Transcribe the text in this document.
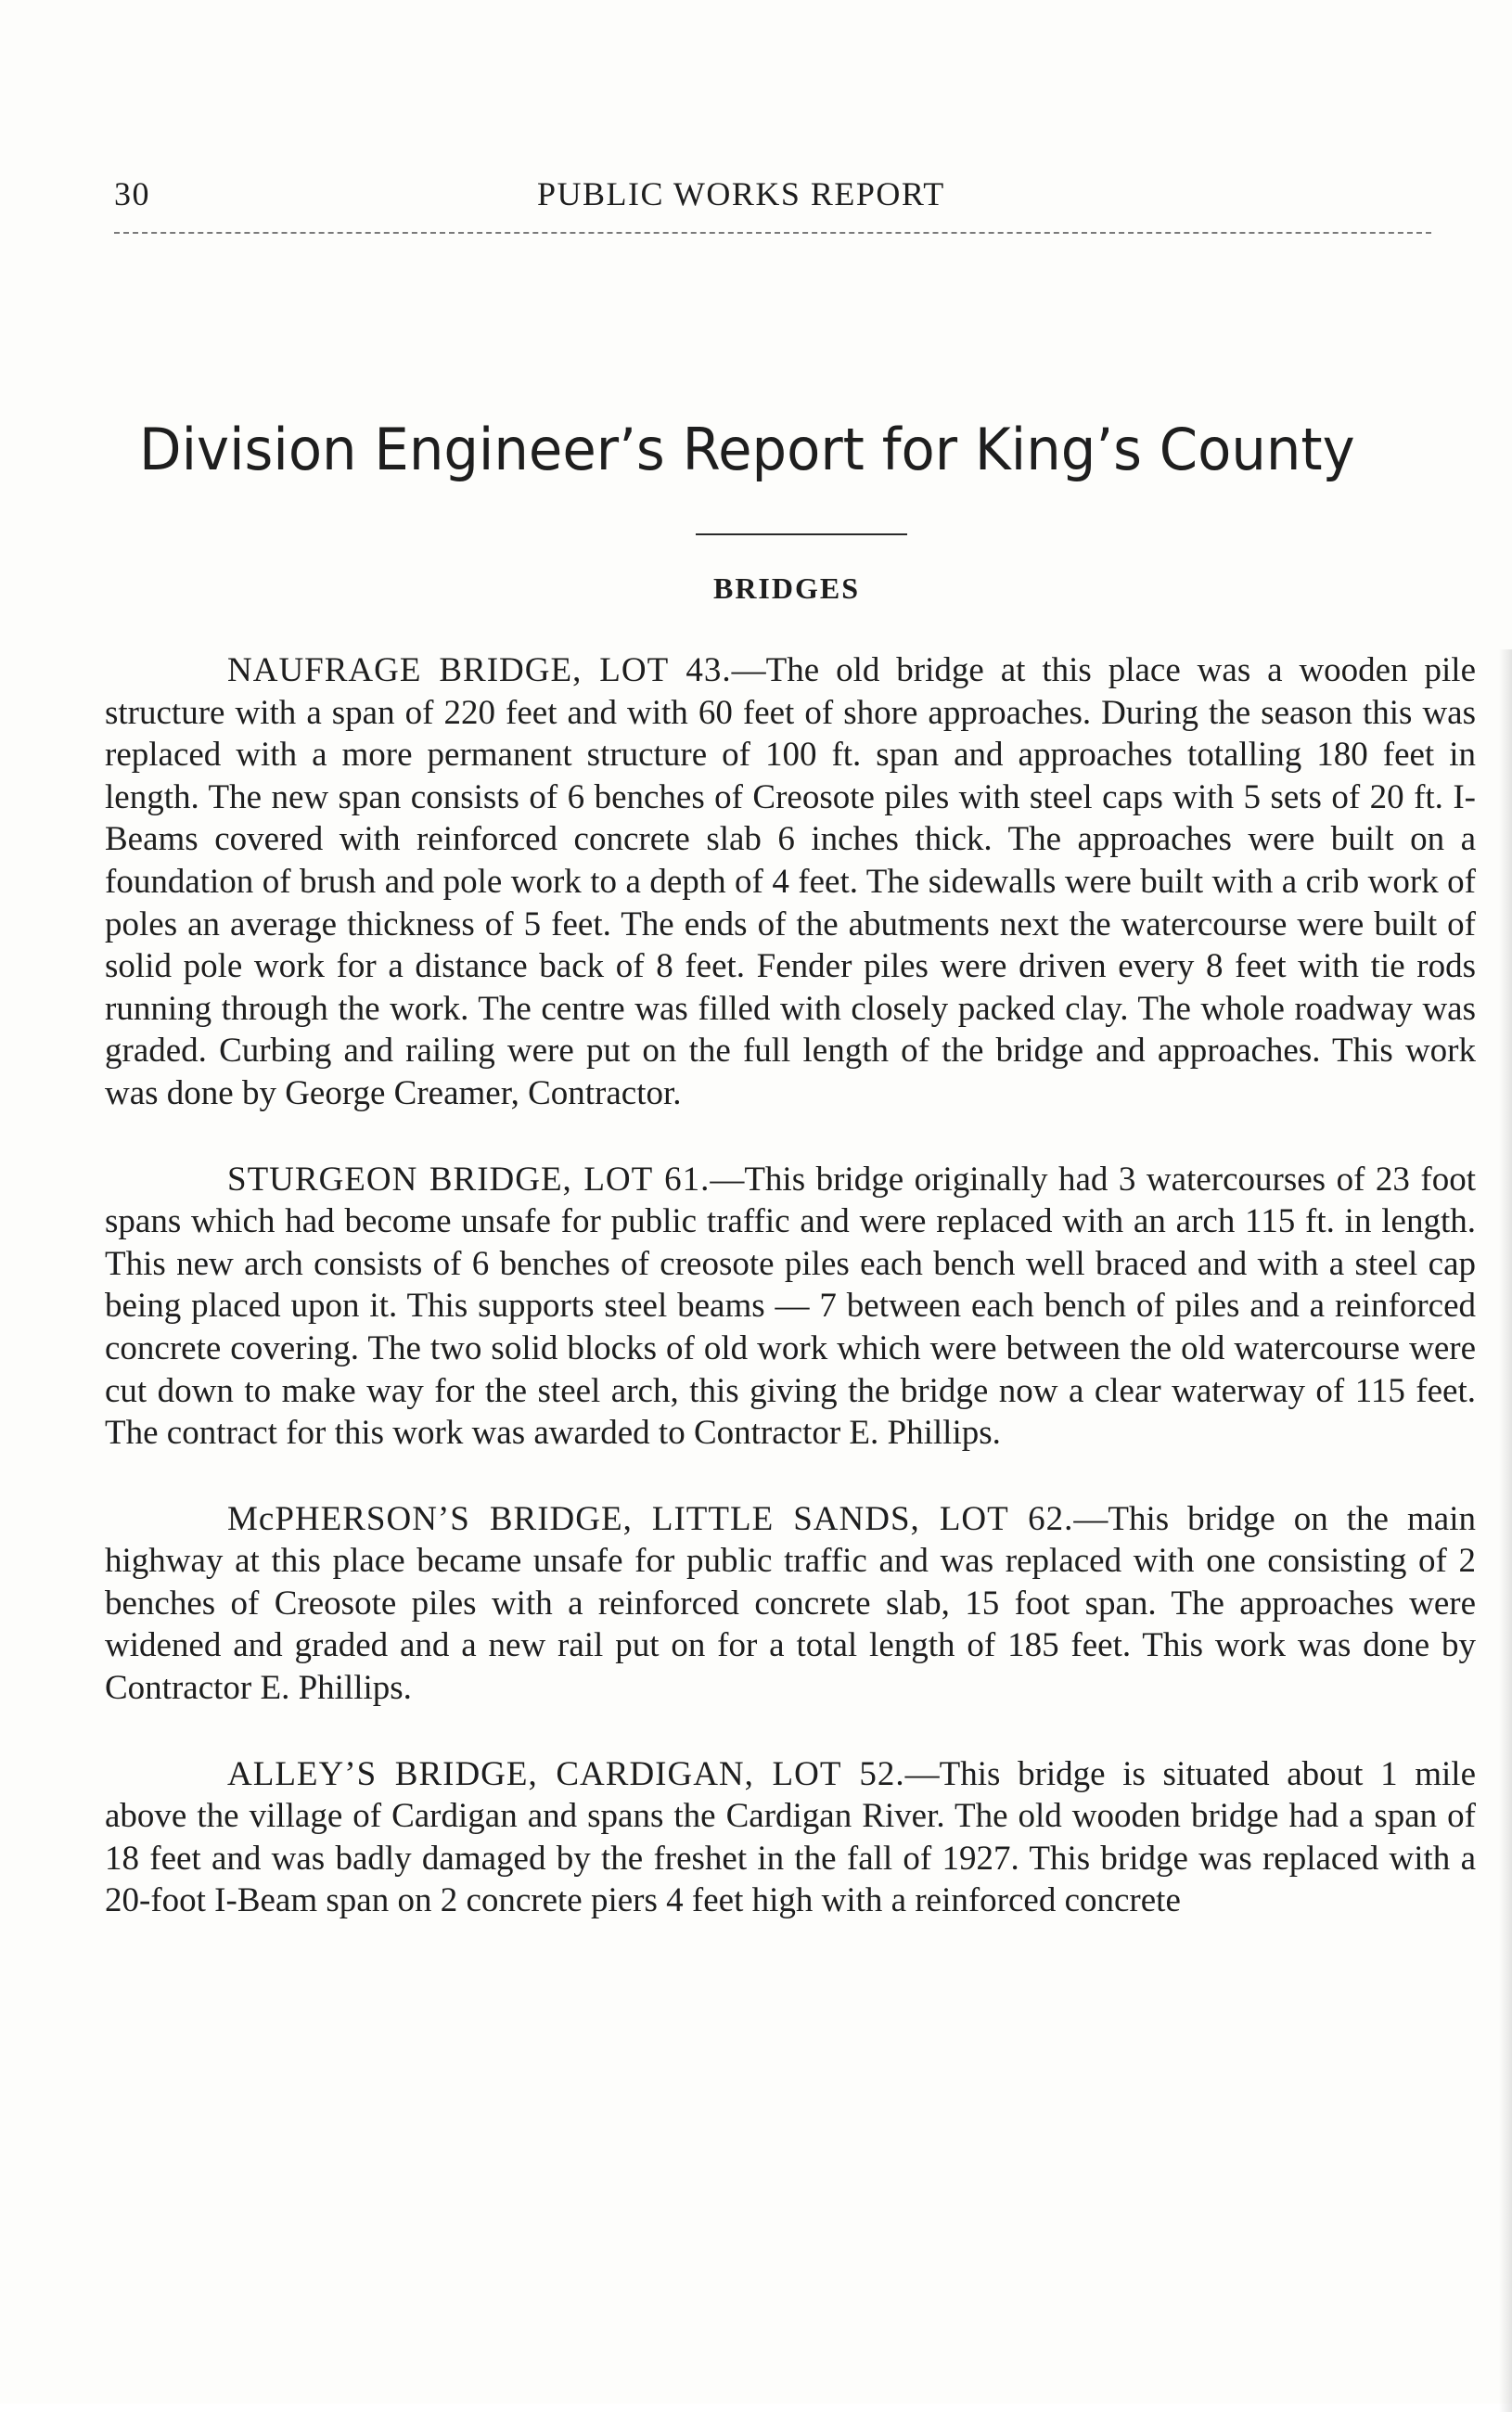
30	PUBLIC WORKS REPORT
Division Engineer’s Report for King’s County
BRIDGES

NAUFRAGE BRIDGE, LOT 43.—The old bridge at this place was a wooden pile structure with a span of 220 feet and with 60 feet of shore approaches. During the season this was replaced with a more permanent structure of 100 ft. span and approaches totalling 180 feet in length. The new span consists of 6 benches of Creosote piles with steel caps with 5 sets of 20 ft. I-Beams covered with reinforced concrete slab 6 inches thick. The approaches were built on a foundation of brush and pole work to a depth of 4 feet. The sidewalls were built with a crib work of poles an average thickness of 5 feet. The ends of the abutments next the watercourse were built of solid pole work for a distance back of 8 feet. Fender piles were driven every 8 feet with tie rods running through the work. The centre was filled with closely packed clay. The whole roadway was graded. Curbing and railing were put on the full length of the bridge and approaches. This work was done by George Creamer, Contractor.

STURGEON BRIDGE, LOT 61.—This bridge originally had 3 watercourses of 23 foot spans which had become unsafe for public traffic and were replaced with an arch 115 ft. in length. This new arch consists of 6 benches of creosote piles each bench well braced and with a steel cap being placed upon it. This supports steel beams — 7 between each bench of piles and a reinforced concrete covering. The two solid blocks of old work which were between the old watercourse were cut down to make way for the steel arch, this giving the bridge now a clear waterway of 115 feet. The contract for this work was awarded to Contractor E. Phillips.

McPHERSON’S BRIDGE, LITTLE SANDS, LOT 62.—This bridge on the main highway at this place became unsafe for public traffic and was replaced with one consisting of 2 benches of Creosote piles with a reinforced concrete slab, 15 foot span. The approaches were widened and graded and a new rail put on for a total length of 185 feet. This work was done by Contractor E. Phillips.

ALLEY’S BRIDGE, CARDIGAN, LOT 52.—This bridge is situated about 1 mile above the village of Cardigan and spans the Cardigan River. The old wooden bridge had a span of 18 feet and was badly damaged by the freshet in the fall of 1927. This bridge was replaced with a 20-foot I-Beam span on 2 concrete piers 4 feet high with a reinforced concrete
